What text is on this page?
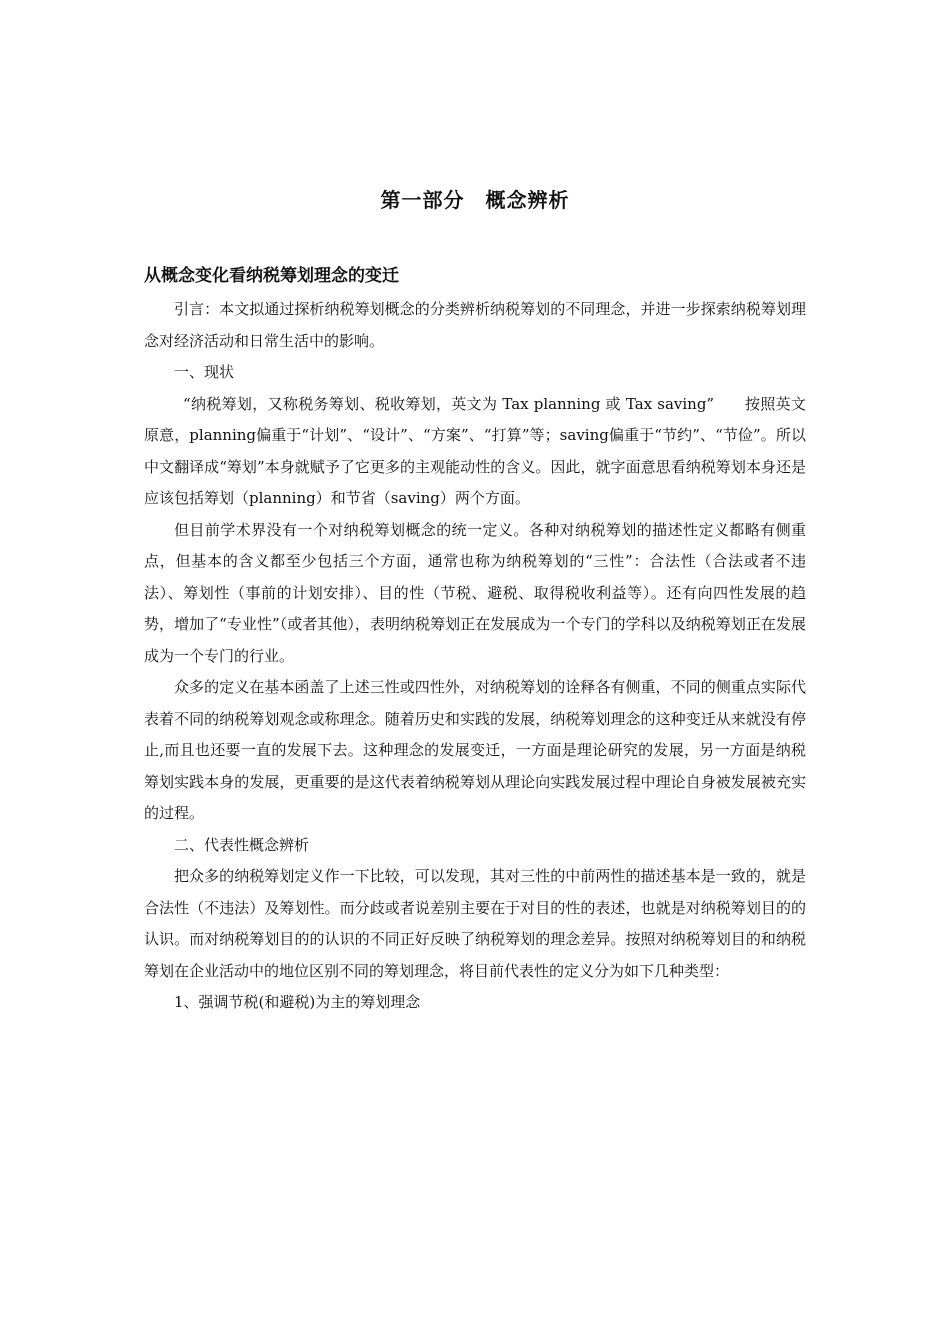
第一部分　概念辨析
从概念变化看纳税筹划理念的变迁

引言：本文拟通过探析纳税筹划概念的分类辨析纳税筹划的不同理念，并进一步探索纳税筹划理念对经济活动和日常生活中的影响。

一、现状

“纳税筹划，又称税务筹划、税收筹划，英文为 Tax planning 或 Tax saving”　　按照英文原意，planning偏重于“计划”、“设计”、“方案”、“打算”等；saving偏重于“节约”、“节俭”。所以中文翻译成“筹划”本身就赋予了它更多的主观能动性的含义。因此，就字面意思看纳税筹划本身还是应该包括筹划（planning）和节省（saving）两个方面。

但目前学术界没有一个对纳税筹划概念的统一定义。各种对纳税筹划的描述性定义都略有侧重点，但基本的含义都至少包括三个方面，通常也称为纳税筹划的“三性”：合法性（合法或者不违法）、筹划性（事前的计划安排）、目的性（节税、避税、取得税收利益等）。还有向四性发展的趋势，增加了“专业性”（或者其他），表明纳税筹划正在发展成为一个专门的学科以及纳税筹划正在发展成为一个专门的行业。

众多的定义在基本函盖了上述三性或四性外，对纳税筹划的诠释各有侧重，不同的侧重点实际代表着不同的纳税筹划观念或称理念。随着历史和实践的发展，纳税筹划理念的这种变迁从来就没有停止,而且也还要一直的发展下去。这种理念的发展变迁，一方面是理论研究的发展，另一方面是纳税筹划实践本身的发展，更重要的是这代表着纳税筹划从理论向实践发展过程中理论自身被发展被充实的过程。

二、代表性概念辨析

把众多的纳税筹划定义作一下比较，可以发现，其对三性的中前两性的描述基本是一致的，就是合法性（不违法）及筹划性。而分歧或者说差别主要在于对目的性的表述，也就是对纳税筹划目的的认识。而对纳税筹划目的的认识的不同正好反映了纳税筹划的理念差异。按照对纳税筹划目的和纳税筹划在企业活动中的地位区别不同的筹划理念，将目前代表性的定义分为如下几种类型：

1、强调节税(和避税)为主的筹划理念
